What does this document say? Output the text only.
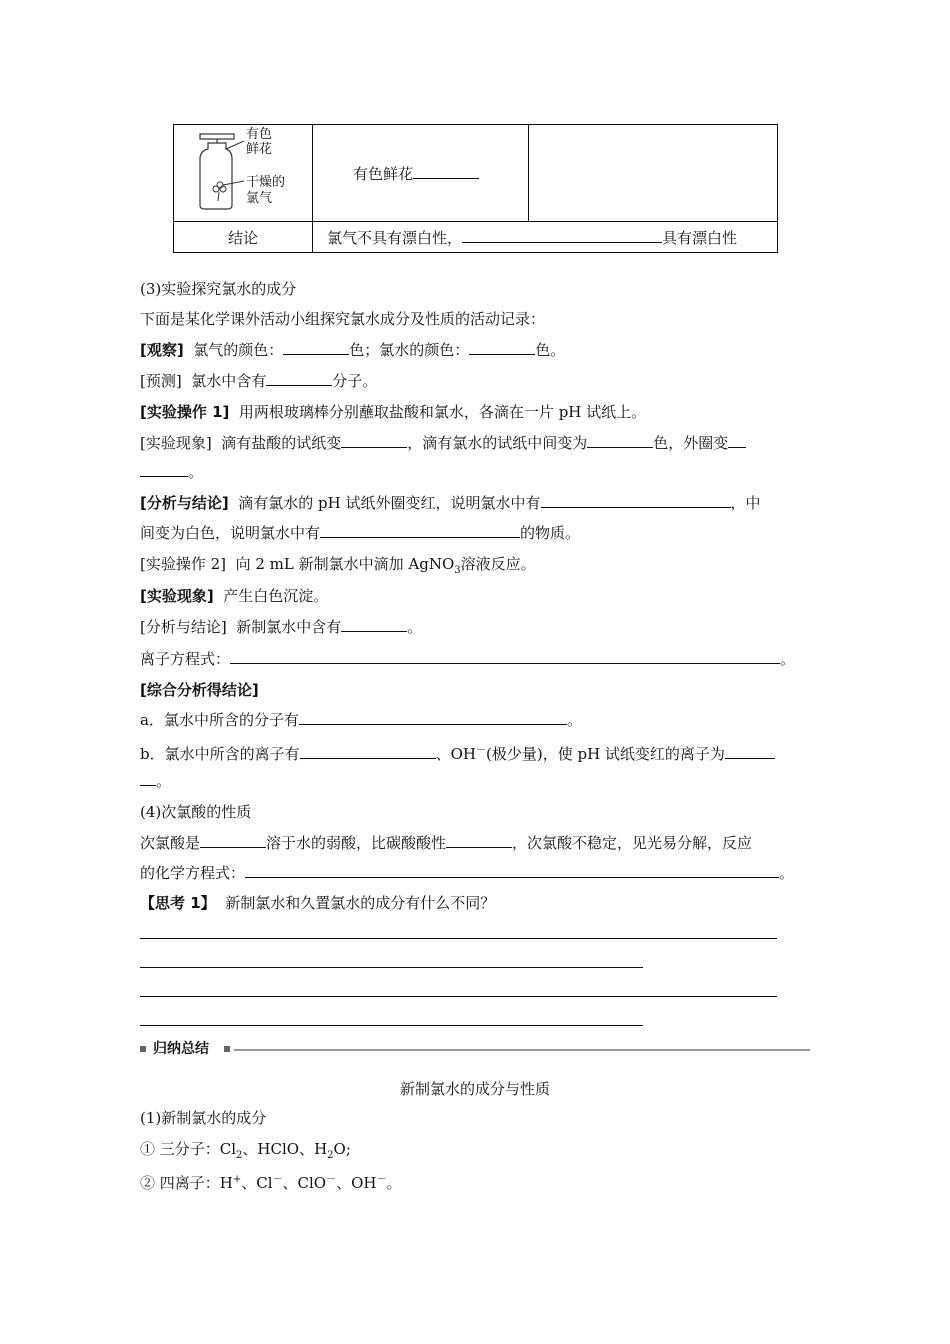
有色
鲜花
干燥的
氯气	有色鲜花	

结论	氯气不具有漂白性， 具有漂白性	
(3)实验探究氯水的成分
下面是某化学课外活动小组探究氯水成分及性质的活动记录：
[观察] 氯气的颜色：	色；氯水的颜色：	色。
[预测] 氯水中含有	分子。
[实验操作 1] 用两根玻璃棒分别蘸取盐酸和氯水，各滴在一片 pH 试纸上。
[实验现象] 滴有盐酸的试纸变	，滴有氯水的试纸中间变为	色，外圈变
。
[分析与结论] 滴有氯水的 pH 试纸外圈变红，说明氯水中有	，中
间变为白色，说明氯水中有	的物质。
[实验操作 2] 向 2 mL 新制氯水中滴加 AgNO$_3$溶液反应。
[实验现象] 产生白色沉淀。
[分析与结论] 新制氯水中含有	。
离子方程式：	。
[综合分析得结论]
a．氯水中所含的分子有	。
b．氯水中所含的离子有	、OH－(极少量)，使 pH 试纸变红的离子为
。
(4)次氯酸的性质
次氯酸是	溶于水的弱酸，比碳酸酸性	，次氯酸不稳定，见光易分解，反应
的化学方程式：	。
【思考 1】 新制氯水和久置氯水的成分有什么不同？
归纳总结
新制氯水的成分与性质
(1)新制氯水的成分
① 三分子：$Cl_2$、HClO、$H_2O$;
② 四离子：H+、Cl－、ClO－、OH－。
